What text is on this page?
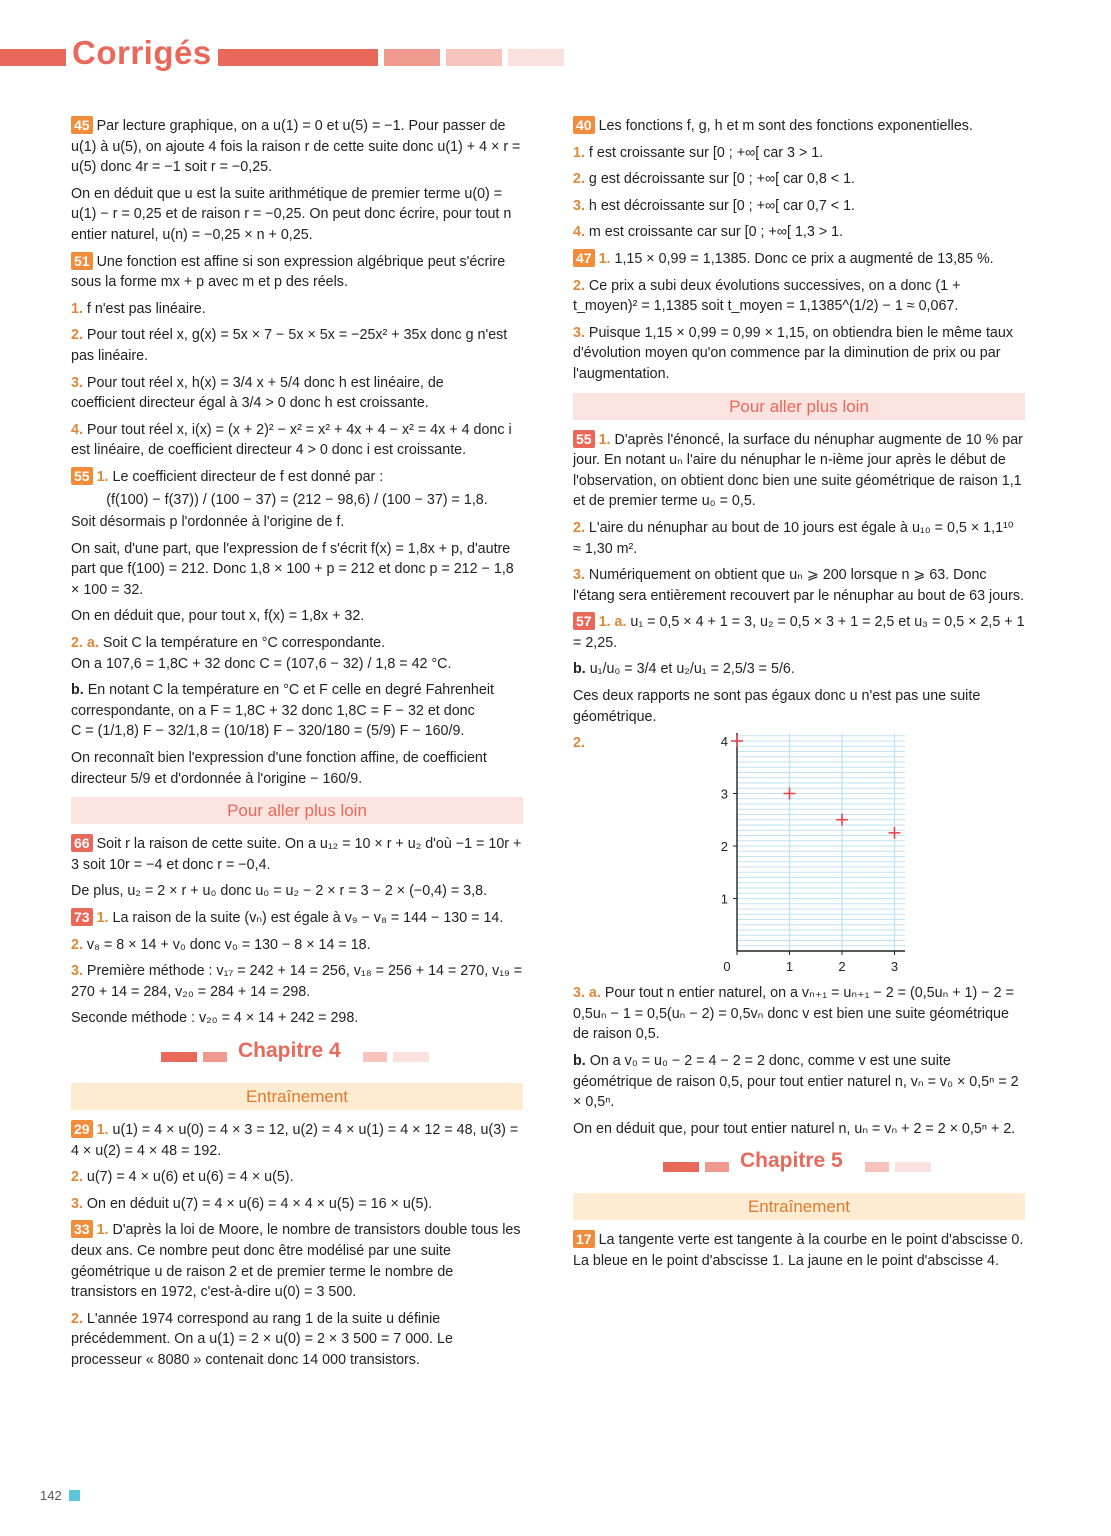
Corrigés

45 Par lecture graphique, on a u(1) = 0 et u(5) = −1. Pour passer de u(1) à u(5), on ajoute 4 fois la raison r de cette suite donc u(1) + 4 × r = u(5) donc 4r = −1 soit r = −0,25.

On en déduit que u est la suite arithmétique de premier terme u(0) = u(1) − r = 0,25 et de raison r = −0,25. On peut donc écrire, pour tout n entier naturel, u(n) = −0,25 × n + 0,25.

51 Une fonction est affine si son expression algébrique peut s'écrire sous la forme mx + p avec m et p des réels.

1. f n'est pas linéaire.

2. Pour tout réel x, g(x) = 5x × 7 − 5x × 5x = −25x² + 35x donc g n'est pas linéaire.

3. Pour tout réel x, h(x) = 3/4 x + 5/4 donc h est linéaire, de
coefficient directeur égal à 3/4 > 0 donc h est croissante.

4. Pour tout réel x, i(x) = (x + 2)² − x² = x² + 4x + 4 − x² = 4x + 4 donc i est linéaire, de coefficient directeur 4 > 0 donc i est croissante.

55 1. Le coefficient directeur de f est donné par :

(f(100) − f(37)) / (100 − 37) = (212 − 98,6) / (100 − 37) = 1,8.

Soit désormais p l'ordonnée à l'origine de f.

On sait, d'une part, que l'expression de f s'écrit f(x) = 1,8x + p, d'autre part que f(100) = 212. Donc 1,8 × 100 + p = 212 et donc p = 212 − 1,8 × 100 = 32.

On en déduit que, pour tout x, f(x) = 1,8x + 32.

2. a. Soit C la température en °C correspondante.

On a 107,6 = 1,8C + 32 donc C = (107,6 − 32) / 1,8 = 42 °C.

b. En notant C la température en °C et F celle en degré Fahrenheit correspondante, on a F = 1,8C + 32 donc 1,8C = F − 32 et donc

C = (1/1,8) F − 32/1,8 = (10/18) F − 320/180 = (5/9) F − 160/9.

On reconnaît bien l'expression d'une fonction affine, de coefficient directeur 5/9 et d'ordonnée à l'origine − 160/9.

Pour aller plus loin

66 Soit r la raison de cette suite. On a u₁₂ = 10 × r + u₂ d'où −1 = 10r + 3 soit 10r = −4 et donc r = −0,4.

De plus, u₂ = 2 × r + u₀ donc u₀ = u₂ − 2 × r = 3 − 2 × (−0,4) = 3,8.

73 1. La raison de la suite (vₙ) est égale à v₉ − v₈ = 144 − 130 = 14.

2. v₈ = 8 × 14 + v₀ donc v₀ = 130 − 8 × 14 = 18.

3. Première méthode : v₁₇ = 242 + 14 = 256, v₁₈ = 256 + 14 = 270, v₁₉ = 270 + 14 = 284, v₂₀ = 284 + 14 = 298.

Seconde méthode : v₂₀ = 4 × 14 + 242 = 298.

Chapitre 4
Entraînement

29 1. u(1) = 4 × u(0) = 4 × 3 = 12, u(2) = 4 × u(1) = 4 × 12 = 48, u(3) = 4 × u(2) = 4 × 48 = 192.

2. u(7) = 4 × u(6) et u(6) = 4 × u(5).

3. On en déduit u(7) = 4 × u(6) = 4 × 4 × u(5) = 16 × u(5).

33 1. D'après la loi de Moore, le nombre de transistors double tous les deux ans. Ce nombre peut donc être modélisé par une suite géométrique u de raison 2 et de premier terme le nombre de transistors en 1972, c'est-à-dire u(0) = 3 500.

2. L'année 1974 correspond au rang 1 de la suite u définie précédemment. On a u(1) = 2 × u(0) = 2 × 3 500 = 7 000. Le processeur « 8080 » contenait donc 14 000 transistors.

40 Les fonctions f, g, h et m sont des fonctions exponentielles.

1. f est croissante sur [0 ; +∞[ car 3 > 1.

2. g est décroissante sur [0 ; +∞[ car 0,8 < 1.

3. h est décroissante sur [0 ; +∞[ car 0,7 < 1.

4. m est croissante car sur [0 ; +∞[ 1,3 > 1.

47 1. 1,15 × 0,99 = 1,1385. Donc ce prix a augmenté de 13,85 %.

2. Ce prix a subi deux évolutions successives, on a donc (1 + t_moyen)² = 1,1385 soit t_moyen = 1,1385^(1/2) − 1 ≈ 0,067.

3. Puisque 1,15 × 0,99 = 0,99 × 1,15, on obtiendra bien le même taux d'évolution moyen qu'on commence par la diminution de prix ou par l'augmentation.

Pour aller plus loin

55 1. D'après l'énoncé, la surface du nénuphar augmente de 10 % par jour. En notant uₙ l'aire du nénuphar le n-ième jour après le début de l'observation, on obtient donc bien une suite géométrique de raison 1,1 et de premier terme u₀ = 0,5.

2. L'aire du nénuphar au bout de 10 jours est égale à u₁₀ = 0,5 × 1,1¹⁰ ≈ 1,30 m².

3. Numériquement on obtient que uₙ ⩾ 200 lorsque n ⩾ 63. Donc l'étang sera entièrement recouvert par le nénuphar au bout de 63 jours.

57 1. a. u₁ = 0,5 × 4 + 1 = 3, u₂ = 0,5 × 3 + 1 = 2,5 et u₃ = 0,5 × 2,5 + 1 = 2,25.

b. u₁/u₀ = 3/4 et u₂/u₁ = 2,5/3 = 5/6.

Ces deux rapports ne sont pas égaux donc u n'est pas une suite géométrique.

2.
0	1	2	3
1
2
3
4

3. a. Pour tout n entier naturel, on a vₙ₊₁ = uₙ₊₁ − 2 = (0,5uₙ + 1) − 2 = 0,5uₙ − 1 = 0,5(uₙ − 2) = 0,5vₙ donc v est bien une suite géométrique de raison 0,5.

b. On a v₀ = u₀ − 2 = 4 − 2 = 2 donc, comme v est une suite géométrique de raison 0,5, pour tout entier naturel n, vₙ = v₀ × 0,5ⁿ = 2 × 0,5ⁿ.

On en déduit que, pour tout entier naturel n, uₙ = vₙ + 2 = 2 × 0,5ⁿ + 2.

Chapitre 5
Entraînement

17 La tangente verte est tangente à la courbe en le point d'abscisse 0. La bleue en le point d'abscisse 1. La jaune en le point d'abscisse 4.

142
